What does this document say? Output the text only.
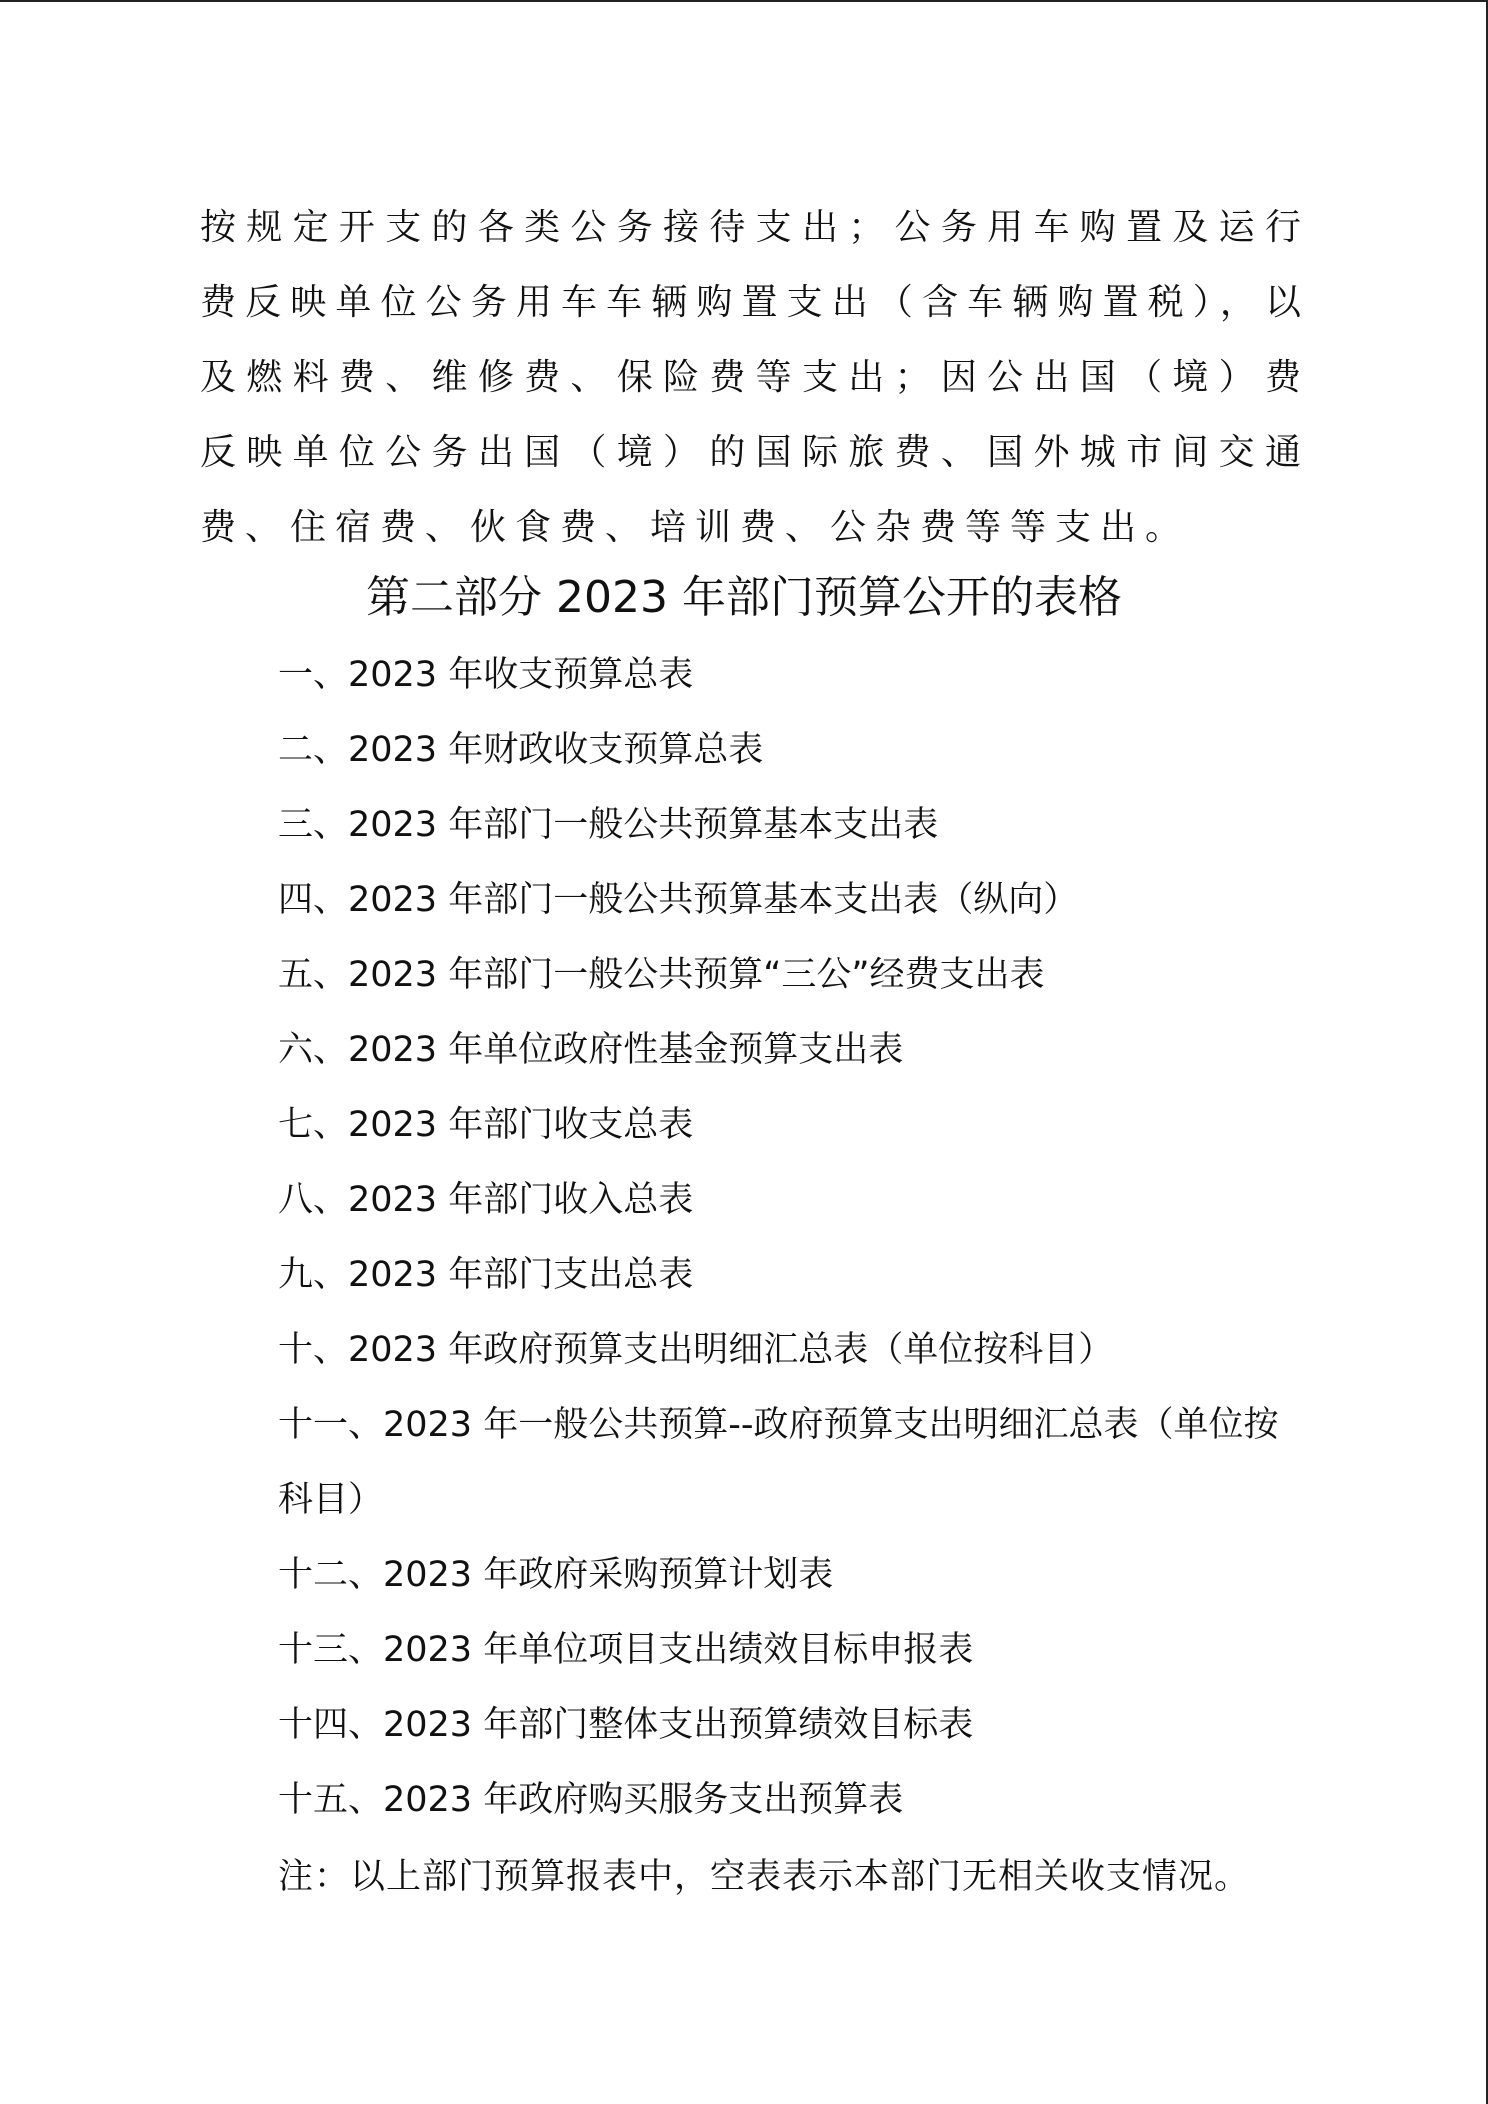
按规定开支的各类公务接待支出；公务用车购置及运行费反映单位公务用车车辆购置支出（含车辆购置税），以及燃料费、维修费、保险费等支出；因公出国（境）费反映单位公务出国（境）的国际旅费、国外城市间交通费、住宿费、伙食费、培训费、公杂费等等支出。

第二部分 2023 年部门预算公开的表格
一、2023 年收支预算总表
二、2023 年财政收支预算总表
三、2023 年部门一般公共预算基本支出表
四、2023 年部门一般公共预算基本支出表（纵向）
五、2023 年部门一般公共预算“三公”经费支出表
六、2023 年单位政府性基金预算支出表
七、2023 年部门收支总表
八、2023 年部门收入总表
九、2023 年部门支出总表
十、2023 年政府预算支出明细汇总表（单位按科目）
十一、2023 年一般公共预算--政府预算支出明细汇总表（单位按科目）
十二、2023 年政府采购预算计划表
十三、2023 年单位项目支出绩效目标申报表
十四、2023 年部门整体支出预算绩效目标表
十五、2023 年政府购买服务支出预算表

注：以上部门预算报表中，空表表示本部门无相关收支情况。
